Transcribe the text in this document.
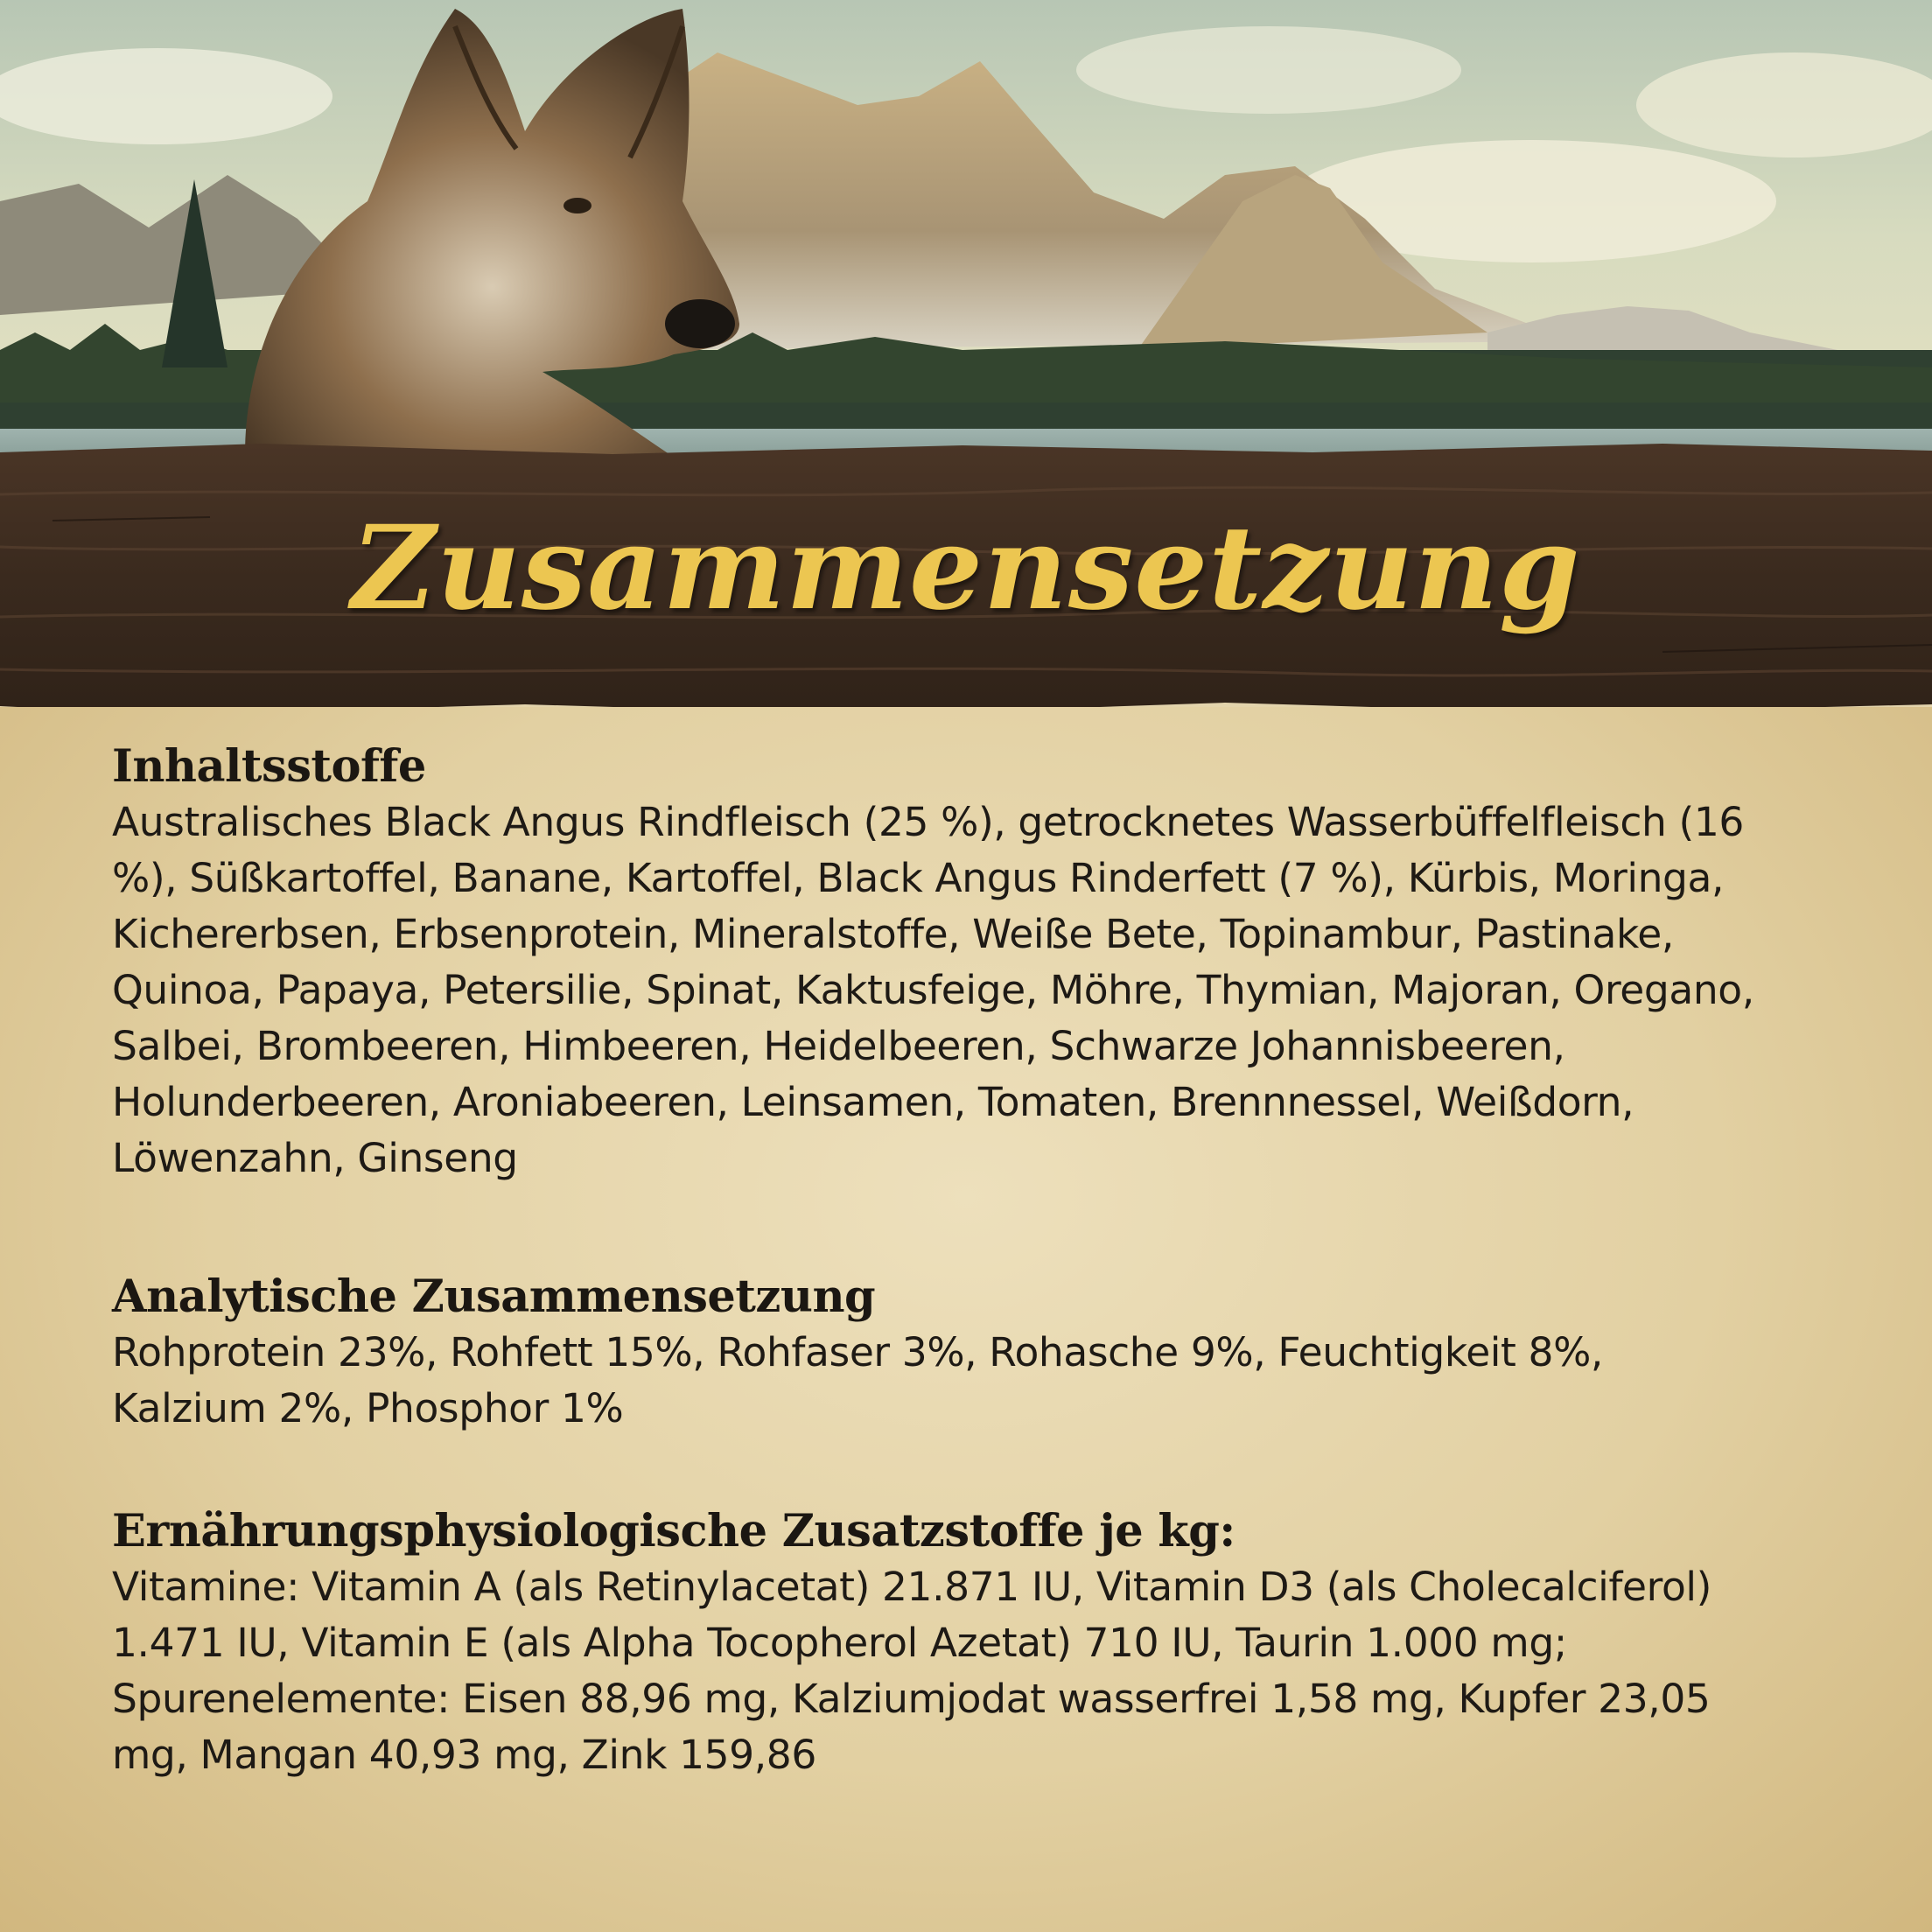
Zusammensetzung
Inhaltsstoffe

Australisches Black Angus Rindfleisch (25 %), getrocknetes Wasserbüffelfleisch (16

%), Süßkartoffel, Banane, Kartoffel, Black Angus Rinderfett (7 %), Kürbis, Moringa,

Kichererbsen, Erbsenprotein, Mineralstoffe, Weiße Bete, Topinambur, Pastinake,

Quinoa, Papaya, Petersilie, Spinat, Kaktusfeige, Möhre, Thymian, Majoran, Oregano,

Salbei, Brombeeren, Himbeeren, Heidelbeeren, Schwarze Johannisbeeren,

Holunderbeeren, Aroniabeeren, Leinsamen, Tomaten, Brennnessel, Weißdorn,

Löwenzahn, Ginseng

Analytische Zusammensetzung

Rohprotein 23%, Rohfett 15%, Rohfaser 3%, Rohasche 9%, Feuchtigkeit 8%,

Kalzium 2%, Phosphor 1%

Ernährungsphysiologische Zusatzstoffe je kg:

Vitamine: Vitamin A (als Retinylacetat) 21.871 IU, Vitamin D3 (als Cholecalciferol)

1.471 IU, Vitamin E (als Alpha Tocopherol Azetat) 710 IU, Taurin 1.000 mg;

Spurenelemente: Eisen 88,96 mg, Kalziumjodat wasserfrei 1,58 mg, Kupfer 23,05

mg, Mangan 40,93 mg, Zink 159,86
